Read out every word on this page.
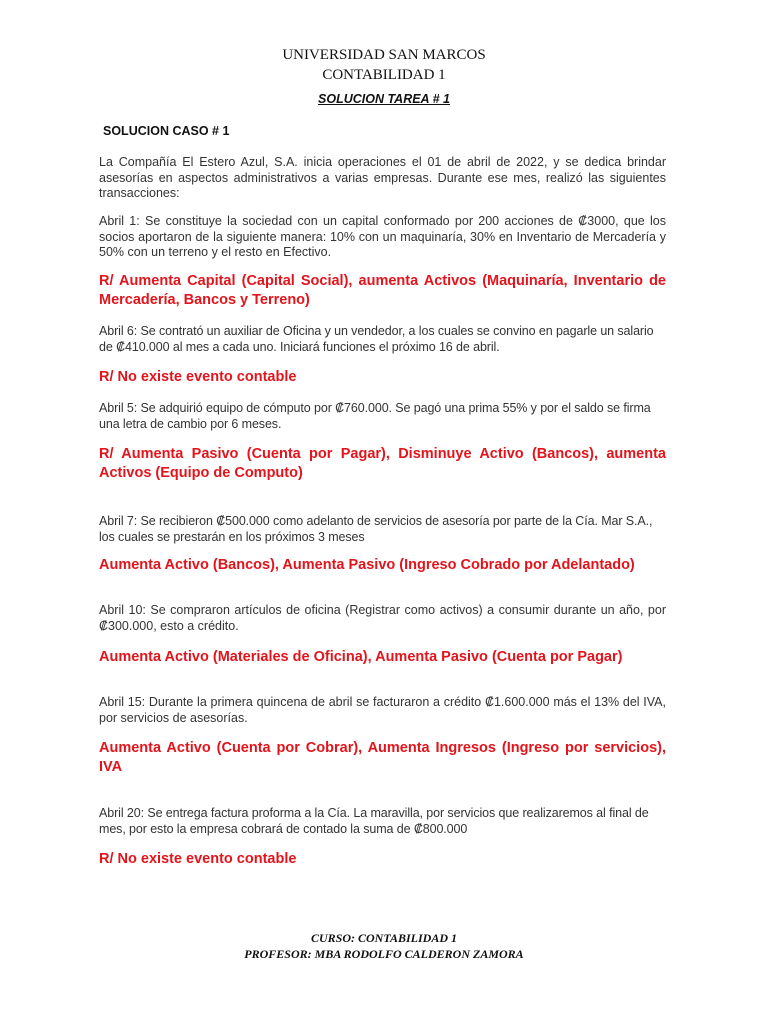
UNIVERSIDAD SAN MARCOS
CONTABILIDAD 1
SOLUCION TAREA # 1
SOLUCION CASO # 1
La Compañía El Estero Azul, S.A. inicia operaciones el 01 de abril de 2022, y se dedica brindar asesorías en aspectos administrativos a varias empresas. Durante ese mes, realizó las siguientes transacciones:
Abril 1: Se constituye la sociedad con un capital conformado por 200 acciones de ₡3000, que los socios aportaron de la siguiente manera: 10% con un maquinaría, 30% en Inventario de Mercadería y 50% con un terreno y el resto en Efectivo.
R/ Aumenta Capital (Capital Social), aumenta Activos (Maquinaría, Inventario de Mercadería, Bancos y Terreno)
Abril 6: Se contrató un auxiliar de Oficina y un vendedor, a los cuales se convino en pagarle un salario de ₡410.000 al mes a cada uno. Iniciará funciones el próximo 16 de abril.
R/ No existe evento contable
Abril 5: Se adquirió equipo de cómputo por ₡760.000. Se pagó una prima 55% y por el saldo se firma una letra de cambio por 6 meses.
R/ Aumenta Pasivo (Cuenta por Pagar), Disminuye Activo (Bancos), aumenta Activos (Equipo de Computo)
Abril 7: Se recibieron ₡500.000 como adelanto de servicios de asesoría por parte de la Cía. Mar S.A., los cuales se prestarán en los próximos 3 meses
Aumenta Activo (Bancos), Aumenta Pasivo (Ingreso Cobrado por Adelantado)
Abril 10: Se compraron artículos de oficina (Registrar como activos) a consumir durante un año, por ₡300.000, esto a crédito.
Aumenta Activo (Materiales de Oficina), Aumenta Pasivo (Cuenta por Pagar)
Abril 15: Durante la primera quincena de abril se facturaron a crédito ₡1.600.000 más el 13% del IVA, por servicios de asesorías.
Aumenta Activo (Cuenta por Cobrar), Aumenta Ingresos (Ingreso por servicios), IVA
Abril 20: Se entrega factura proforma a la Cía. La maravilla, por servicios que realizaremos al final de mes, por esto la empresa cobrará de contado la suma de ₡800.000
R/ No existe evento contable
CURSO: CONTABILIDAD 1
PROFESOR: MBA RODOLFO CALDERON ZAMORA
